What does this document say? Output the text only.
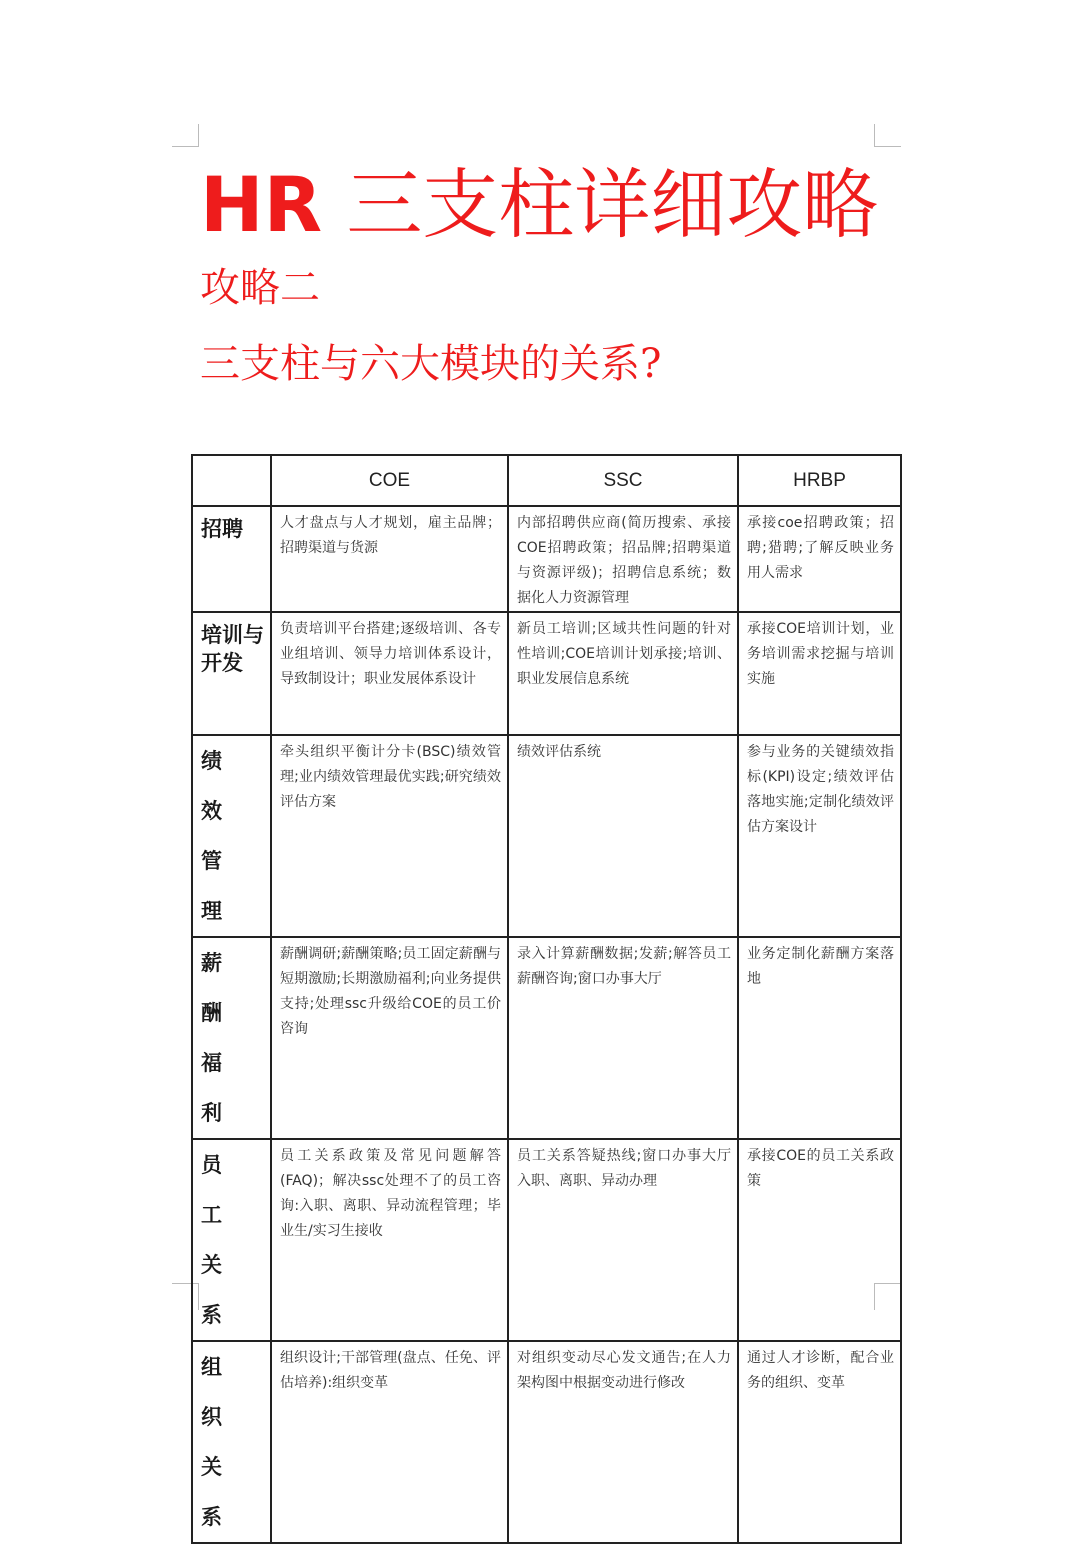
HR 三支柱详细攻略
攻略二
三支柱与六大模块的关系?
	COE	SSC	HRBP
招聘	人才盘点与人才规划，雇主品牌；招聘渠道与货源	内部招聘供应商(简历搜索、承接COE招聘政策；招品牌;招聘渠道与资源评级)；招聘信息系统；数据化人力资源管理	承接coe招聘政策；招聘;猎聘;了解反映业务用人需求
培训与开发	负责培训平台搭建;逐级培训、各专业组培训、领导力培训体系设计，导致制设计；职业发展体系设计	新员工培训;区域共性问题的针对性培训;COE培训计划承接;培训、职业发展信息系统	承接COE培训计划，业务培训需求挖掘与培训实施
绩效管理	牵头组织平衡计分卡(BSC)绩效管理;业内绩效管理最优实践;研究绩效评估方案	绩效评估系统	参与业务的关键绩效指标(KPI)设定;绩效评估落地实施;定制化绩效评估方案设计
薪酬福利	薪酬调研;薪酬策略;员工固定薪酬与短期激励;长期激励福利;向业务提供支持;处理ssc升级给COE的员工价咨询	录入计算薪酬数据;发薪;解答员工薪酬咨询;窗口办事大厅	业务定制化薪酬方案落地
员工关系	员工关系政策及常见问题解答(FAQ)；解决ssc处理不了的员工咨询:入职、离职、异动流程管理；毕业生/实习生接收	员工关系答疑热线;窗口办事大厅入职、离职、异动办理	承接COE的员工关系政策
组织关系	组织设计;干部管理(盘点、任免、评估培养):组织变革	对组织变动尽心发文通告;在人力架构图中根据变动进行修改	通过人才诊断，配合业务的组织、变革
